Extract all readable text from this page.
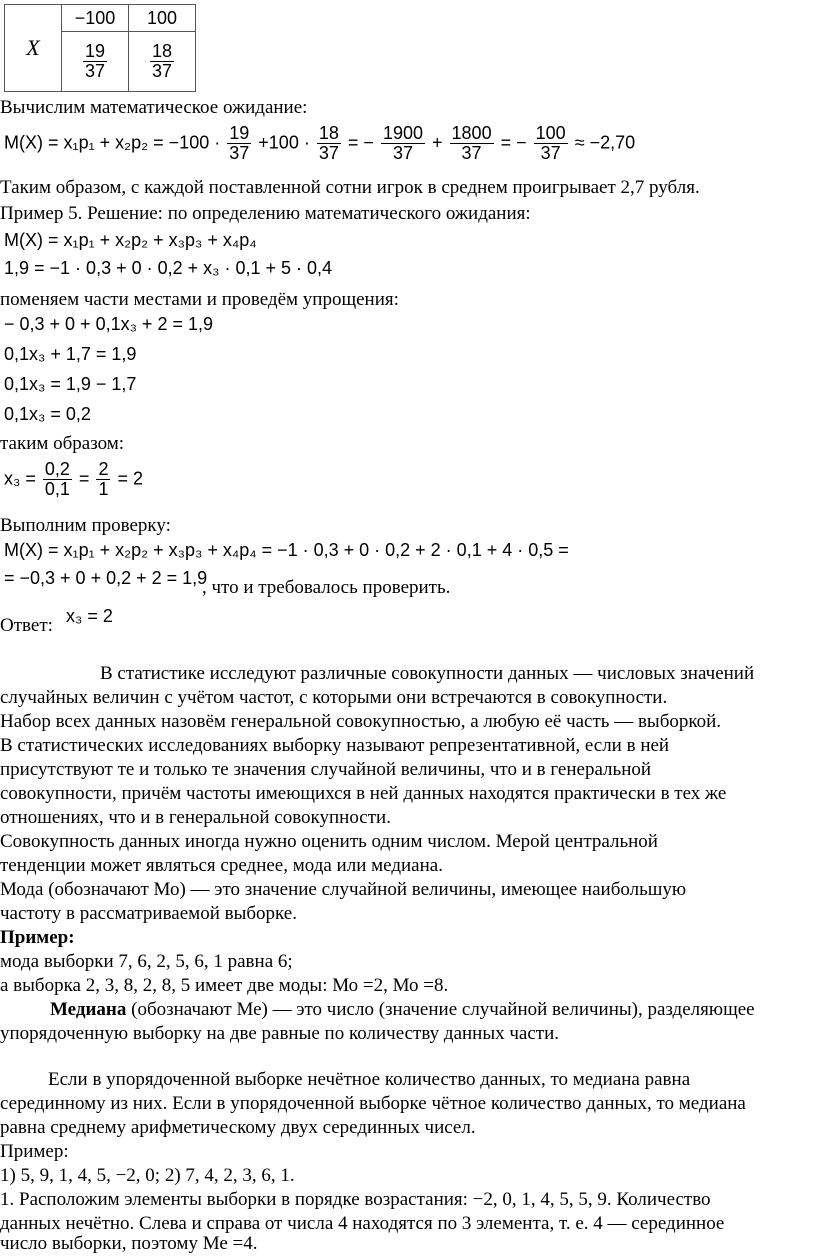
X	−100	100

	$\frac{19}{37}$	$\frac{18}{37}$
Вычислим математическое ожидание:
$M(X) = x_1p_1 + x_2p_2 = -100 \cdot \frac{19}{37} +100 \cdot \frac{18}{37}$ = − $\frac{1900}{37} + \frac{1800}{37}$ = − $\frac{100}{37} \approx -2,70$
Таким образом, с каждой поставленной сотни игрок в среднем проигрывает 2,7 рубля.
Пример 5. Решение: по определению математического ожидания:
M(X) = x₁p₁ + x₂p₂ + x₃p₃ + x₄p₄
1,9 = −1 · 0,3 + 0 · 0,2 + x₃ · 0,1 + 5 · 0,4
поменяем части местами и проведём упрощения:
− 0,3 + 0 + 0,1x₃ + 2 = 1,9
0,1x₃ + 1,7 = 1,9
0,1x₃ = 1,9 − 1,7
0,1x₃ = 0,2
таким образом:
$x_3 = \frac{0,2}{0,1} = \frac{2}{1} = 2$
Выполним проверку:
M(X) = x₁p₁ + x₂p₂ + x₃p₃ + x₄p₄ = −1 · 0,3 + 0 · 0,2 + 2 · 0,1 + 4 · 0,5 =
= −0,3 + 0 + 0,2 + 2 = 1,9
, что и требовалось проверить.
Ответ: x₃ = 2
В статистике исследуют различные совокупности данных — числовых значений
случайных величин с учётом частот, с которыми они встречаются в совокупности.
Набор всех данных назовём генеральной совокупностью, а любую её часть — выборкой.
В статистических исследованиях выборку называют репрезентативной, если в ней
присутствуют те и только те значения случайной величины, что и в генеральной
совокупности, причём частоты имеющихся в ней данных находятся практически в тех же
отношениях, что и в генеральной совокупности.
Совокупность данных иногда нужно оценить одним числом. Мерой центральной
тенденции может являться среднее, мода или медиана.
Мода (обозначают Мо) — это значение случайной величины, имеющее наибольшую
частоту в рассматриваемой выборке.
Пример:
мода выборки 7, 6, 2, 5, 6, 1 равна 6;
а выборка 2, 3, 8, 2, 8, 5 имеет две моды: Мо =2, Мо =8.
Медиана (обозначают Ме) — это число (значение случайной величины), разделяющее
упорядоченную выборку на две равные по количеству данных части.
Если в упорядоченной выборке нечётное количество данных, то медиана равна
серединному из них. Если в упорядоченной выборке чётное количество данных, то медиана
равна среднему арифметическому двух серединных чисел.
Пример:
1) 5, 9, 1, 4, 5, −2, 0; 2) 7, 4, 2, 3, 6, 1.
1. Расположим элементы выборки в порядке возрастания: −2, 0, 1, 4, 5, 5, 9. Количество
данных нечётно. Слева и справа от числа 4 находятся по 3 элемента, т. е. 4 — серединное
число выборки, поэтому Ме =4.
